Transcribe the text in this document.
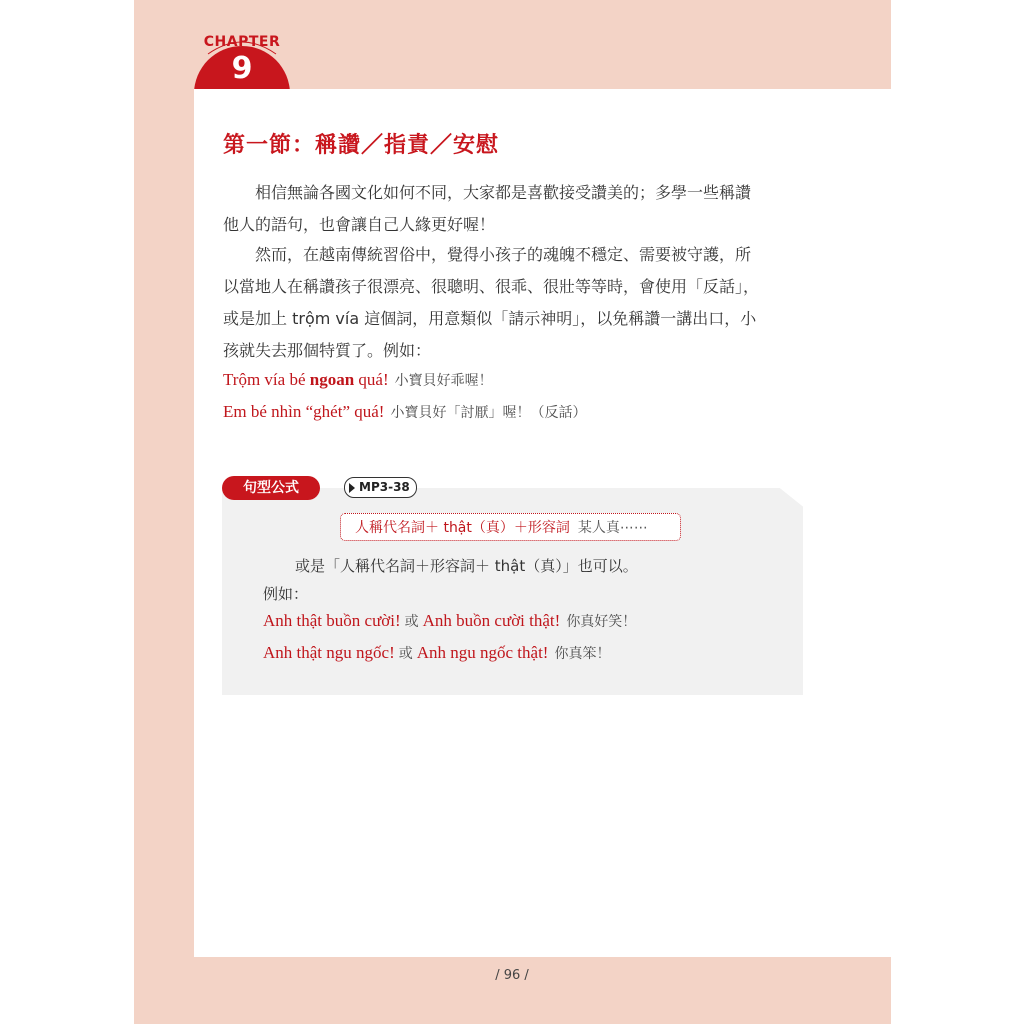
CHAPTER
9
第一節：稱讚／指責／安慰
　　相信無論各國文化如何不同，大家都是喜歡接受讚美的；多學一些稱讚
他人的語句，也會讓自己人緣更好喔！
　　然而，在越南傳統習俗中，覺得小孩子的魂魄不穩定、需要被守護，所
以當地人在稱讚孩子很漂亮、很聰明、很乖、很壯等等時，會使用「反話」，
或是加上 trộm vía 這個詞，用意類似「請示神明」，以免稱讚一講出口，小
孩就失去那個特質了。例如：
Trộm vía bé ngoan quá! 小寶貝好乖喔！
Em bé nhìn “ghét” quá! 小寶貝好「討厭」喔！（反話）
句型公式	MP3-38
人稱代名詞＋ thật（真）＋形容詞 某人真⋯⋯
或是「人稱代名詞＋形容詞＋ thật（真）」也可以。
例如：
Anh thật buồn cười! 或 Anh buồn cười thật! 你真好笑！
Anh thật ngu ngốc! 或 Anh ngu ngốc thật! 你真笨！
/ 96 /
